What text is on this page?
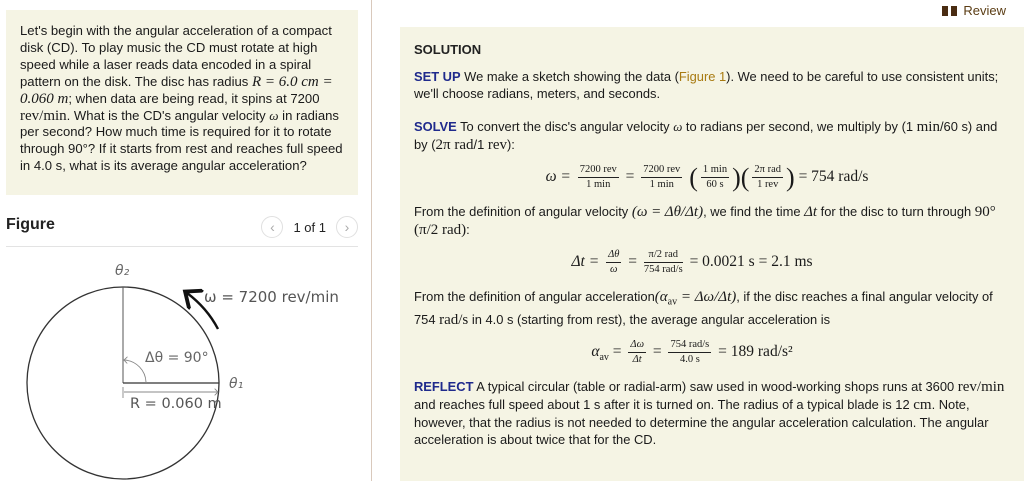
Let's begin with the angular acceleration of a compact disk (CD). To play music the CD must rotate at high speed while a laser reads data encoded in a spiral pattern on the disk. The disc has radius R = 6.0 cm = 0.060 m; when data are being read, it spins at 7200 rev/min. What is the CD's angular velocity ω in radians per second? How much time is required for it to rotate through 90°? If it starts from rest and reaches full speed in 4.0 s, what is its average angular acceleration?
Figure	‹ 1 of 1 ›
θ₂
ω = 7200 rev/min
Δθ = 90°
θ₁
R = 0.060 m
Review
SOLUTION

SET UP We make a sketch showing the data (Figure 1). We need to be careful to use consistent units; we'll choose radians, meters, and seconds.

SOLVE To convert the disc's angular velocity ω to radians per second, we multiply by (1 min/60 s) and by (2π rad/1 rev):

$\omega = \frac{\text{7200 rev}}{1 \min} = \frac{\text{7200 rev}}{1 \min}$ ( $\frac{1 \min}{60 s}$ )( $\frac{\text{2π rad}}{\text{1 rev}}$ ) = 754 rad/s

From the definition of angular velocity (ω = Δθ/Δt), we find the time Δt for the disc to turn through 90° (π/2 rad):

$\Delta t = \frac{\Delta\theta}{\omega} = \frac{\text{π/2 rad}}{\text{754 rad/s}} = 0.0021$ s = 2.1 ms

From the definition of angular $acceleration(\alpha_{av} = \Delta\omega/\Delta t)$, if the disc reaches a final angular velocity of 754 rad/s in 4.0 s (starting from rest), the average angular acceleration is

$\alpha_{av} = \frac{\Delta\omega}{\Delta t} = \frac{\text{754 rad/s}}{4.0 s} = 189$ rad/s²

REFLECT A typical circular (table or radial-arm) saw used in wood-working shops runs at 3600 rev/min and reaches full speed about 1 s after it is turned on. The radius of a typical blade is 12 cm. Note, however, that the radius is not needed to determine the angular acceleration calculation. The angular acceleration is about twice that for the CD.
